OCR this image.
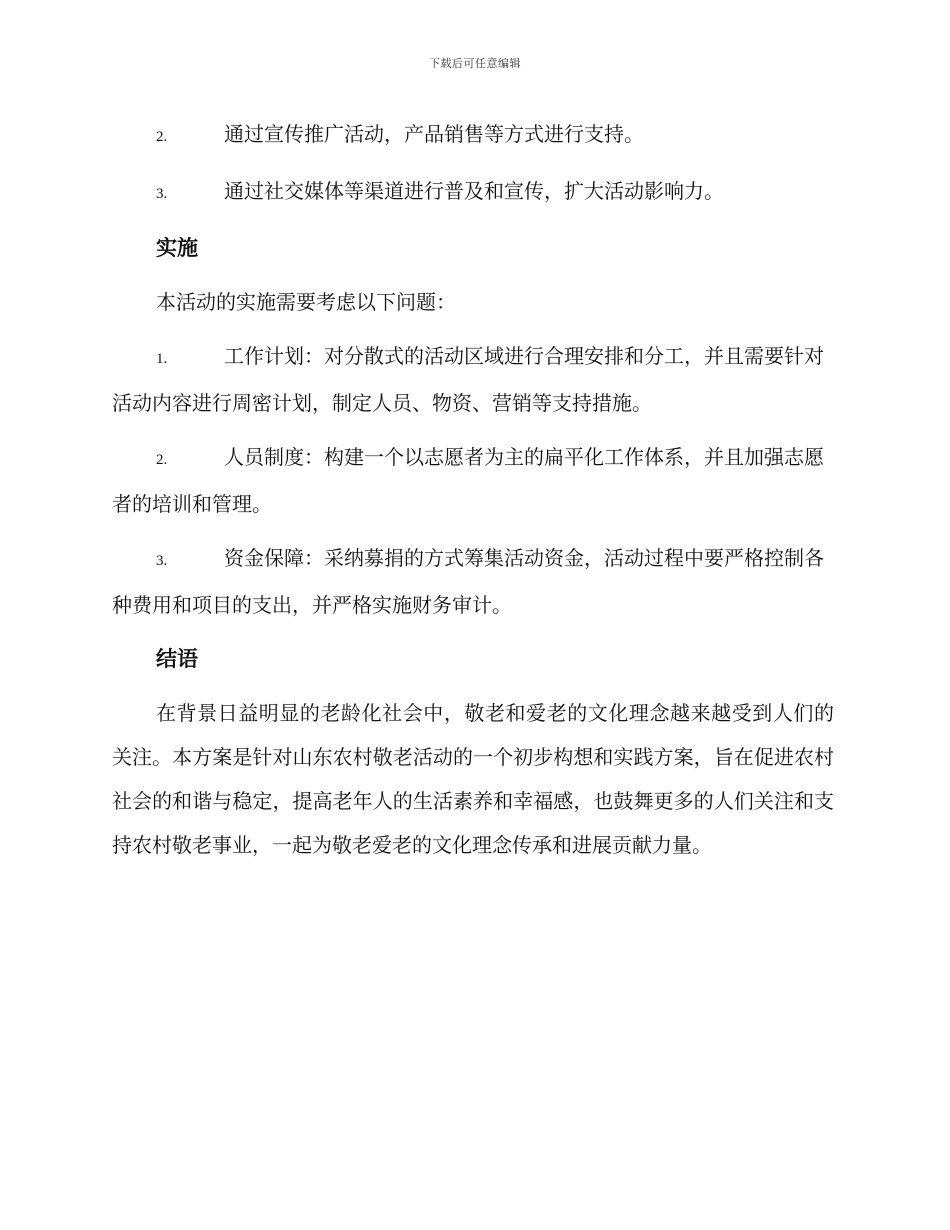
下载后可任意编辑
2.	通过宣传推广活动，产品销售等方式进行支持。
3.	通过社交媒体等渠道进行普及和宣传，扩大活动影响力。
实施
本活动的实施需要考虑以下问题：
1.	工作计划：对分散式的活动区域进行合理安排和分工，并且需要针对活动内容进行周密计划，制定人员、物资、营销等支持措施。
2.	人员制度：构建一个以志愿者为主的扁平化工作体系，并且加强志愿者的培训和管理。
3.	资金保障：采纳募捐的方式筹集活动资金，活动过程中要严格控制各种费用和项目的支出，并严格实施财务审计。
结语
在背景日益明显的老龄化社会中，敬老和爱老的文化理念越来越受到人们的关注。本方案是针对山东农村敬老活动的一个初步构想和实践方案，旨在促进农村社会的和谐与稳定，提高老年人的生活素养和幸福感，也鼓舞更多的人们关注和支持农村敬老事业，一起为敬老爱老的文化理念传承和进展贡献力量。
